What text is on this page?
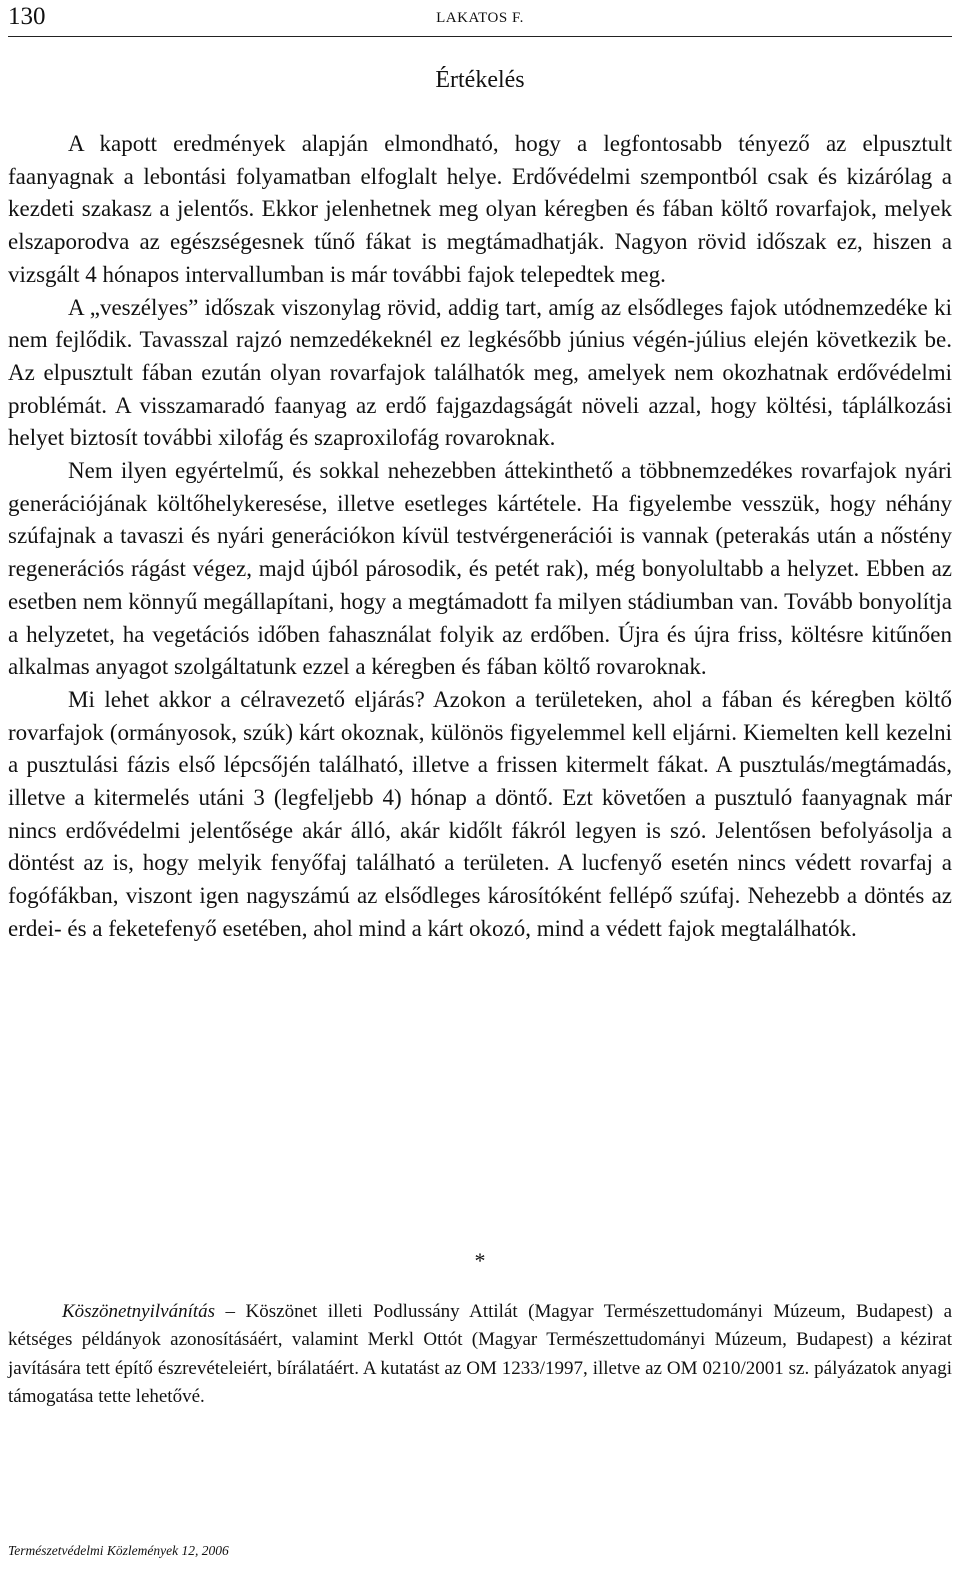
130	LAKATOS F.
Értékelés

A kapott eredmények alapján elmondható, hogy a legfontosabb tényező az elpusztult faanyagnak a lebontási folyamatban elfoglalt helye. Erdővédelmi szempontból csak és kizárólag a kezdeti szakasz a jelentős. Ekkor jelenhetnek meg olyan kéregben és fában költő rovarfajok, melyek elszaporodva az egészségesnek tűnő fákat is megtámadhatják. Nagyon rövid időszak ez, hiszen a vizsgált 4 hónapos intervallumban is már további fajok telepedtek meg.

A „veszélyes” időszak viszonylag rövid, addig tart, amíg az elsődleges fajok utódnemzedéke ki nem fejlődik. Tavasszal rajzó nemzedékeknél ez legkésőbb június végén-július elején következik be. Az elpusztult fában ezután olyan rovarfajok találhatók meg, amelyek nem okozhatnak erdővédelmi problémát. A visszamaradó faanyag az erdő fajgazdagságát növeli azzal, hogy költési, táplálkozási helyet biztosít további xilofág és szaproxilofág rovaroknak.

Nem ilyen egyértelmű, és sokkal nehezebben áttekinthető a többnemzedékes rovarfajok nyári generációjának költőhelykeresése, illetve esetleges kártétele. Ha figyelembe vesszük, hogy néhány szúfajnak a tavaszi és nyári generációkon kívül testvérgenerációi is vannak (peterakás után a nőstény regenerációs rágást végez, majd újból párosodik, és petét rak), még bonyolultabb a helyzet. Ebben az esetben nem könnyű megállapítani, hogy a megtámadott fa milyen stádiumban van. Tovább bonyolítja a helyzetet, ha vegetációs időben fahasználat folyik az erdőben. Újra és újra friss, költésre kitűnően alkalmas anyagot szolgáltatunk ezzel a kéregben és fában költő rovaroknak.

Mi lehet akkor a célravezető eljárás? Azokon a területeken, ahol a fában és kéregben költő rovarfajok (ormányosok, szúk) kárt okoznak, különös figyelemmel kell eljárni. Kiemelten kell kezelni a pusztulási fázis első lépcsőjén található, illetve a frissen kitermelt fákat. A pusztulás/megtámadás, illetve a kitermelés utáni 3 (legfeljebb 4) hónap a döntő. Ezt követően a pusztuló faanyagnak már nincs erdővédelmi jelentősége akár álló, akár kidőlt fákról legyen is szó. Jelentősen befolyásolja a döntést az is, hogy melyik fenyőfaj található a területen. A lucfenyő esetén nincs védett rovarfaj a fogófákban, viszont igen nagyszámú az elsődleges károsítóként fellépő szúfaj. Nehezebb a döntés az erdei- és a feketefenyő esetében, ahol mind a kárt okozó, mind a védett fajok megtalálhatók.

*

Köszönetnyilvánítás – Köszönet illeti Podlussány Attilát (Magyar Természettudományi Múzeum, Budapest) a kétséges példányok azonosításáért, valamint Merkl Ottót (Magyar Természettudományi Múzeum, Budapest) a kézirat javítására tett építő észrevételeiért, bírálatáért. A kutatást az OM 1233/1997, illetve az OM 0210/2001 sz. pályázatok anyagi támogatása tette lehetővé.

Természetvédelmi Közlemények 12, 2006
